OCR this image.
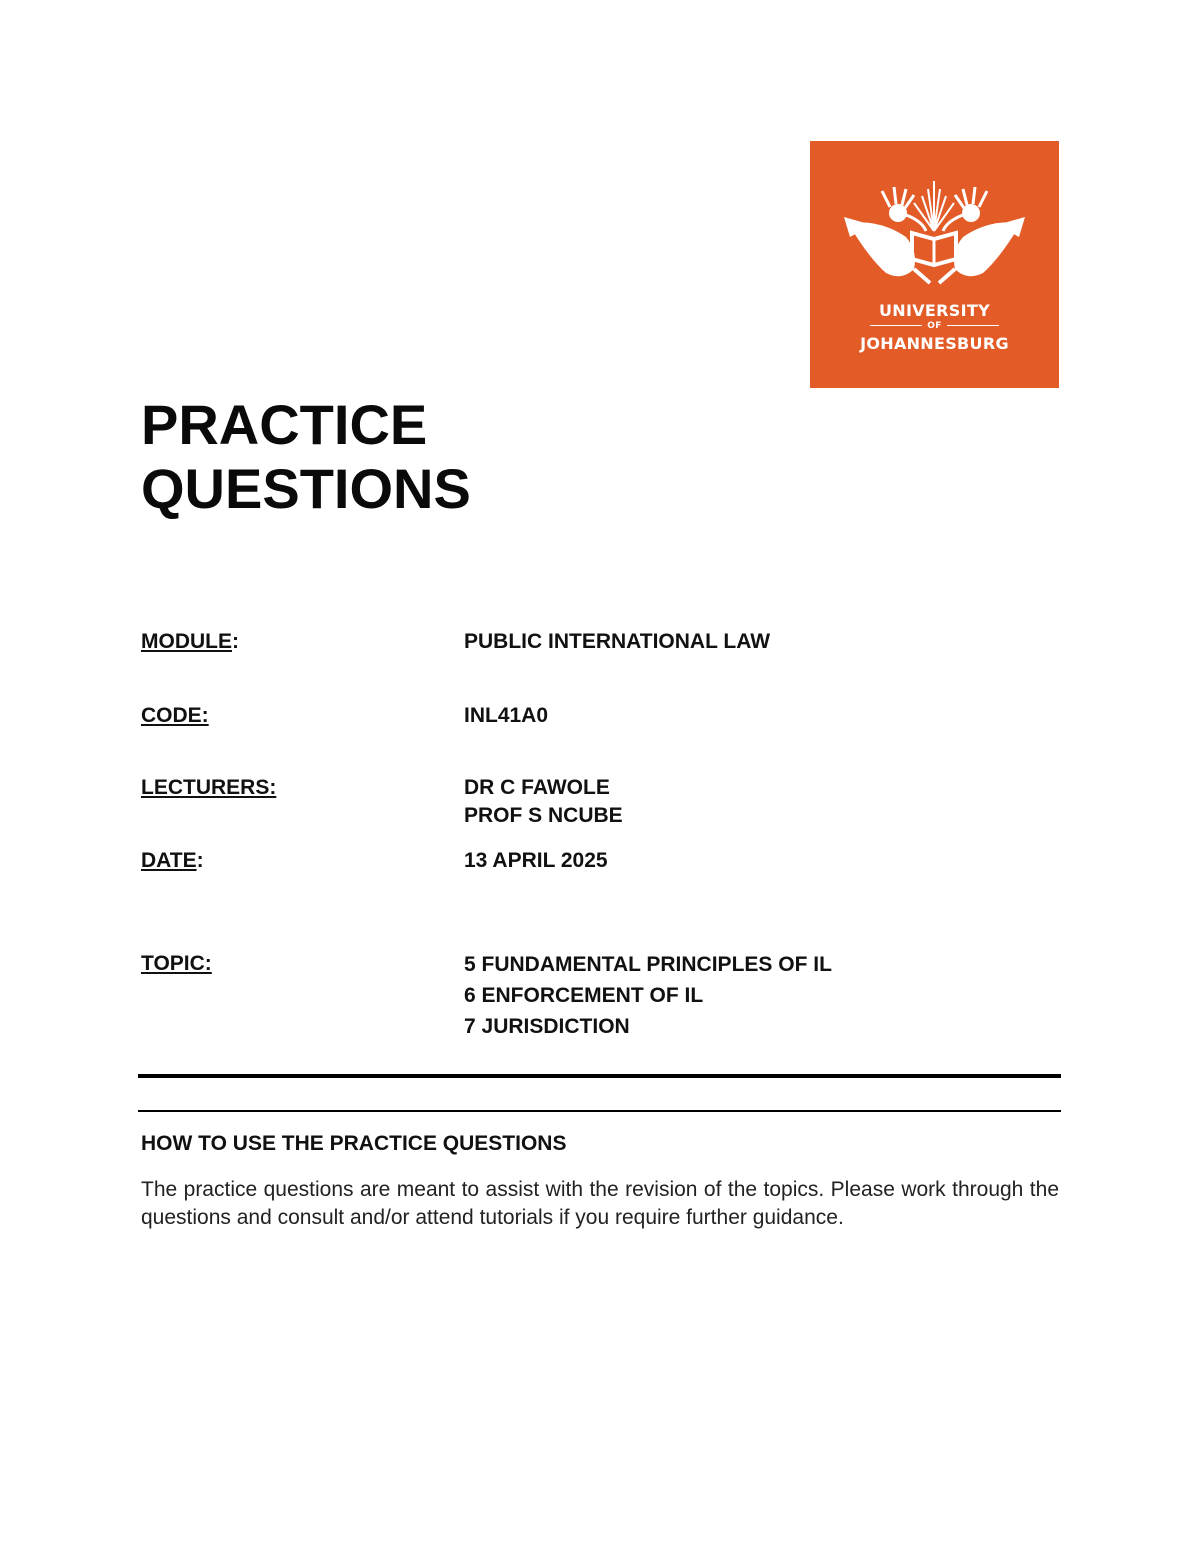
UNIVERSITY
OF
JOHANNESBURG
PRACTICE
QUESTIONS
MODULE:	PUBLIC INTERNATIONAL LAW
CODE:	INL41A0
LECTURERS:	DR C FAWOLE
PROF S NCUBE
DATE:	13 APRIL 2025
TOPIC:	5 FUNDAMENTAL PRINCIPLES OF IL
6 ENFORCEMENT OF IL
7 JURISDICTION
HOW TO USE THE PRACTICE QUESTIONS

The practice questions are meant to assist with the revision of the topics. Please work through the questions and consult and/or attend tutorials if you require further guidance.
